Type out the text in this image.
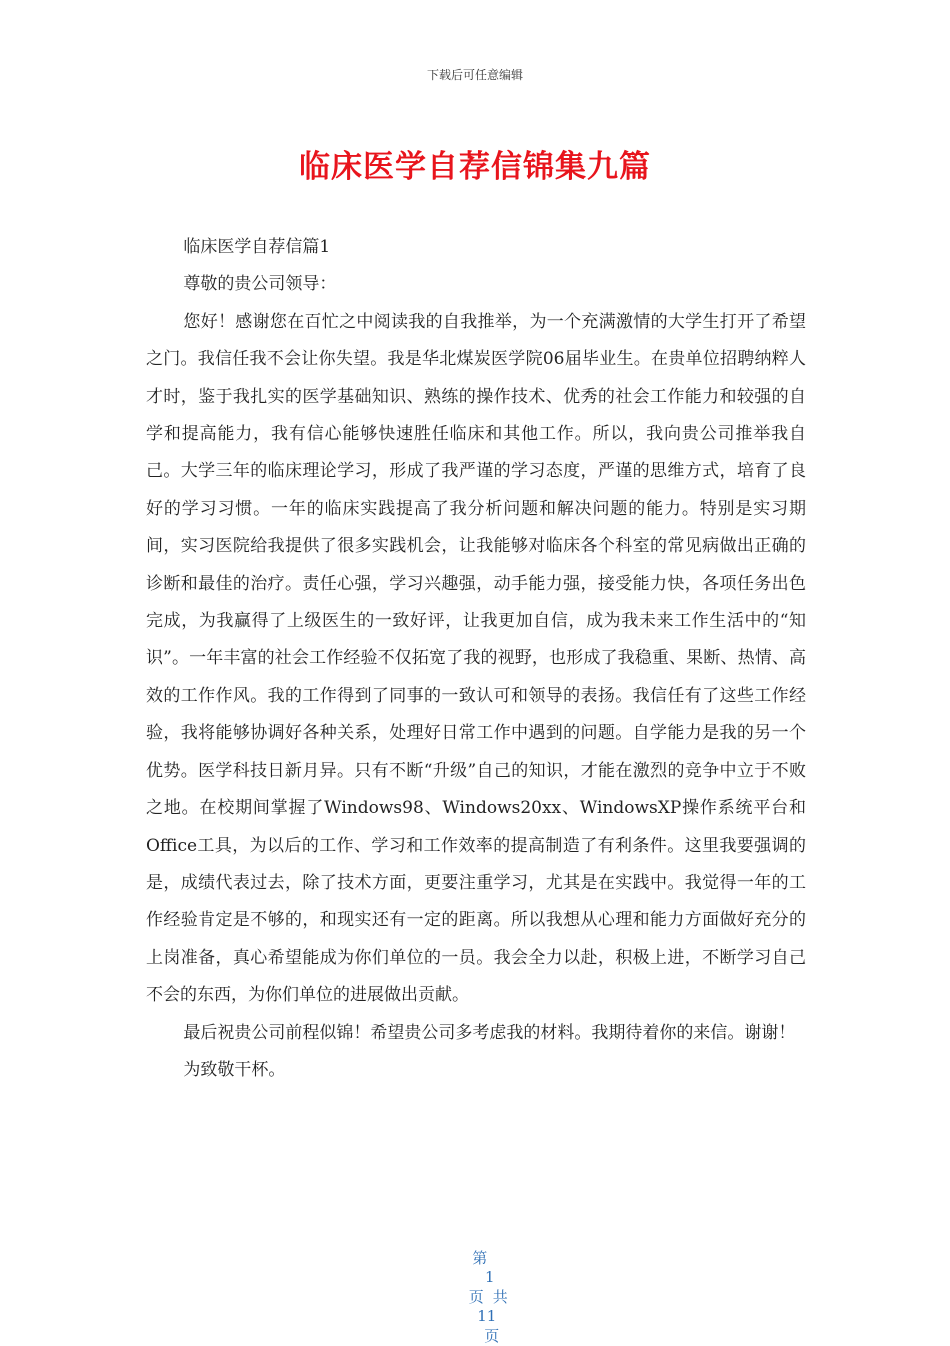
下载后可任意编辑
临床医学自荐信锦集九篇

临床医学自荐信篇1

尊敬的贵公司领导：

您好！感谢您在百忙之中阅读我的自我推举，为一个充满激情的大学生打开了希望之门。我信任我不会让你失望。我是华北煤炭医学院06届毕业生。在贵单位招聘纳粹人才时，鉴于我扎实的医学基础知识、熟练的操作技术、优秀的社会工作能力和较强的自学和提高能力，我有信心能够快速胜任临床和其他工作。所以，我向贵公司推举我自己。大学三年的临床理论学习，形成了我严谨的学习态度，严谨的思维方式，培育了良好的学习习惯。一年的临床实践提高了我分析问题和解决问题的能力。特别是实习期间，实习医院给我提供了很多实践机会，让我能够对临床各个科室的常见病做出正确的诊断和最佳的治疗。责任心强，学习兴趣强，动手能力强，接受能力快，各项任务出色完成，为我赢得了上级医生的一致好评，让我更加自信，成为我未来工作生活中的“知识”。一年丰富的社会工作经验不仅拓宽了我的视野，也形成了我稳重、果断、热情、高效的工作作风。我的工作得到了同事的一致认可和领导的表扬。我信任有了这些工作经验，我将能够协调好各种关系，处理好日常工作中遇到的问题。自学能力是我的另一个优势。医学科技日新月异。只有不断“升级”自己的知识，才能在激烈的竞争中立于不败之地。在校期间掌握了Windows98、Windows20xx、WindowsXP操作系统平台和Office工具，为以后的工作、学习和工作效率的提高制造了有利条件。这里我要强调的是，成绩代表过去，除了技术方面，更要注重学习，尤其是在实践中。我觉得一年的工作经验肯定是不够的，和现实还有一定的距离。所以我想从心理和能力方面做好充分的上岗准备，真心希望能成为你们单位的一员。我会全力以赴，积极上进，不断学习自己不会的东西，为你们单位的进展做出贡献。

最后祝贵公司前程似锦！希望贵公司多考虑我的材料。我期待着你的来信。谢谢！

为致敬干杯。

第
1
页共
11
页
